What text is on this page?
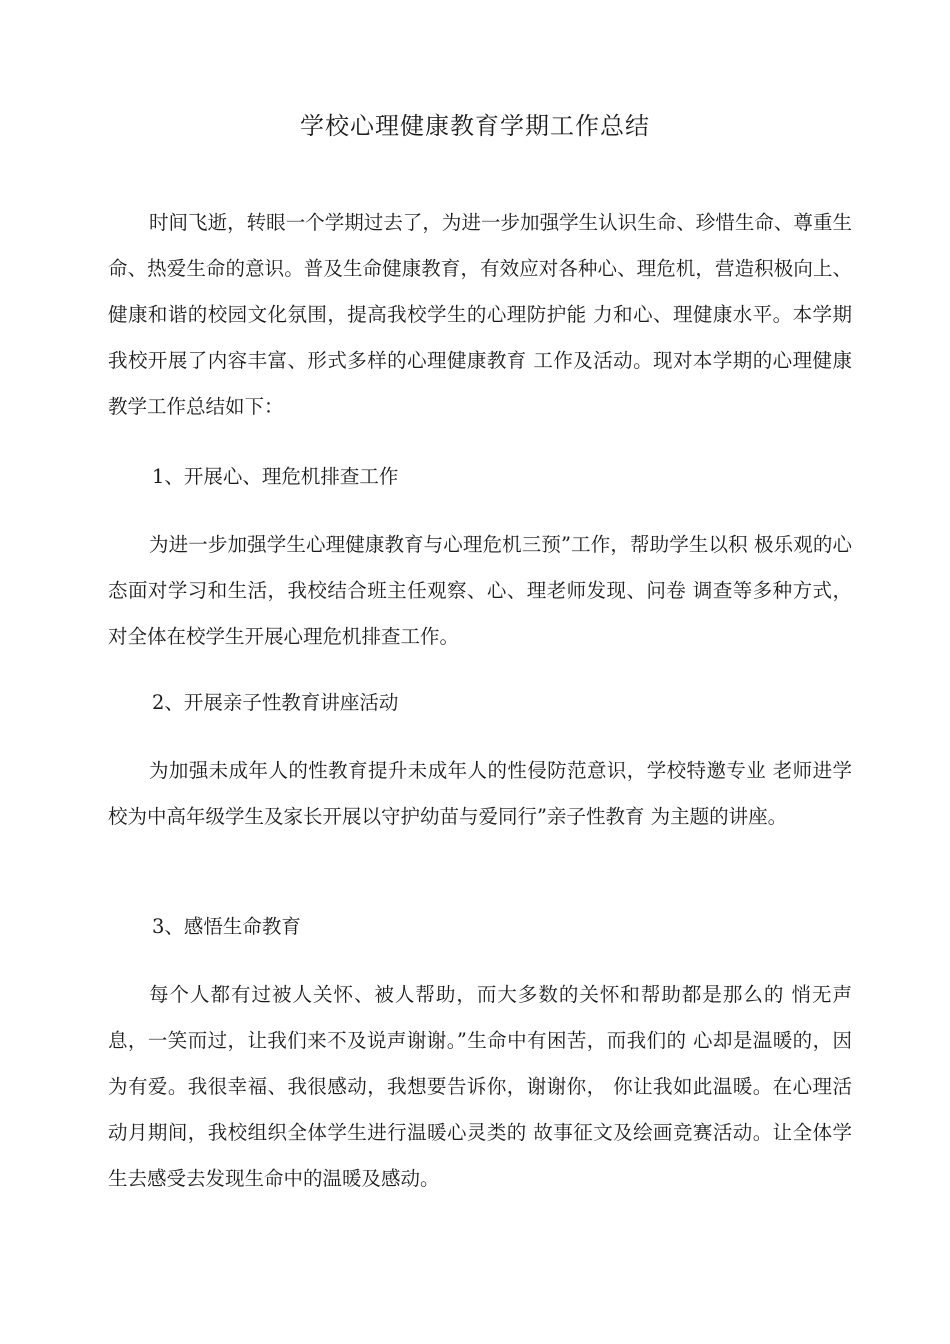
学校心理健康教育学期工作总结

时间飞逝，转眼一个学期过去了，为进一步加强学生认识生命、珍惜生命、尊重生命、热爱生命的意识。普及生命健康教育，有效应对各种心、理危机，营造积极向上、健康和谐的校园文化氛围，提高我校学生的心理防护能 力和心、理健康水平。本学期我校开展了内容丰富、形式多样的心理健康教育 工作及活动。现对本学期的心理健康教学工作总结如下：

1、开展心、理危机排查工作

为进一步加强学生心理健康教育与心理危机三预”工作，帮助学生以积 极乐观的心态面对学习和生活，我校结合班主任观察、心、理老师发现、问卷 调查等多种方式，对全体在校学生开展心理危机排查工作。

2、开展亲子性教育讲座活动

为加强未成年人的性教育提升未成年人的性侵防范意识，学校特邀专业 老师进学校为中高年级学生及家长开展以守护幼苗与爱同行”亲子性教育 为主题的讲座。

3、感悟生命教育

每个人都有过被人关怀、被人帮助，而大多数的关怀和帮助都是那么的 悄无声息，一笑而过，让我们来不及说声谢谢。”生命中有困苦，而我们的 心却是温暖的，因为有爱。我很幸福、我很感动，我想要告诉你，谢谢你， 你让我如此温暖。在心理活动月期间，我校组织全体学生进行温暖心灵类的 故事征文及绘画竞赛活动。让全体学生去感受去发现生命中的温暖及感动。
